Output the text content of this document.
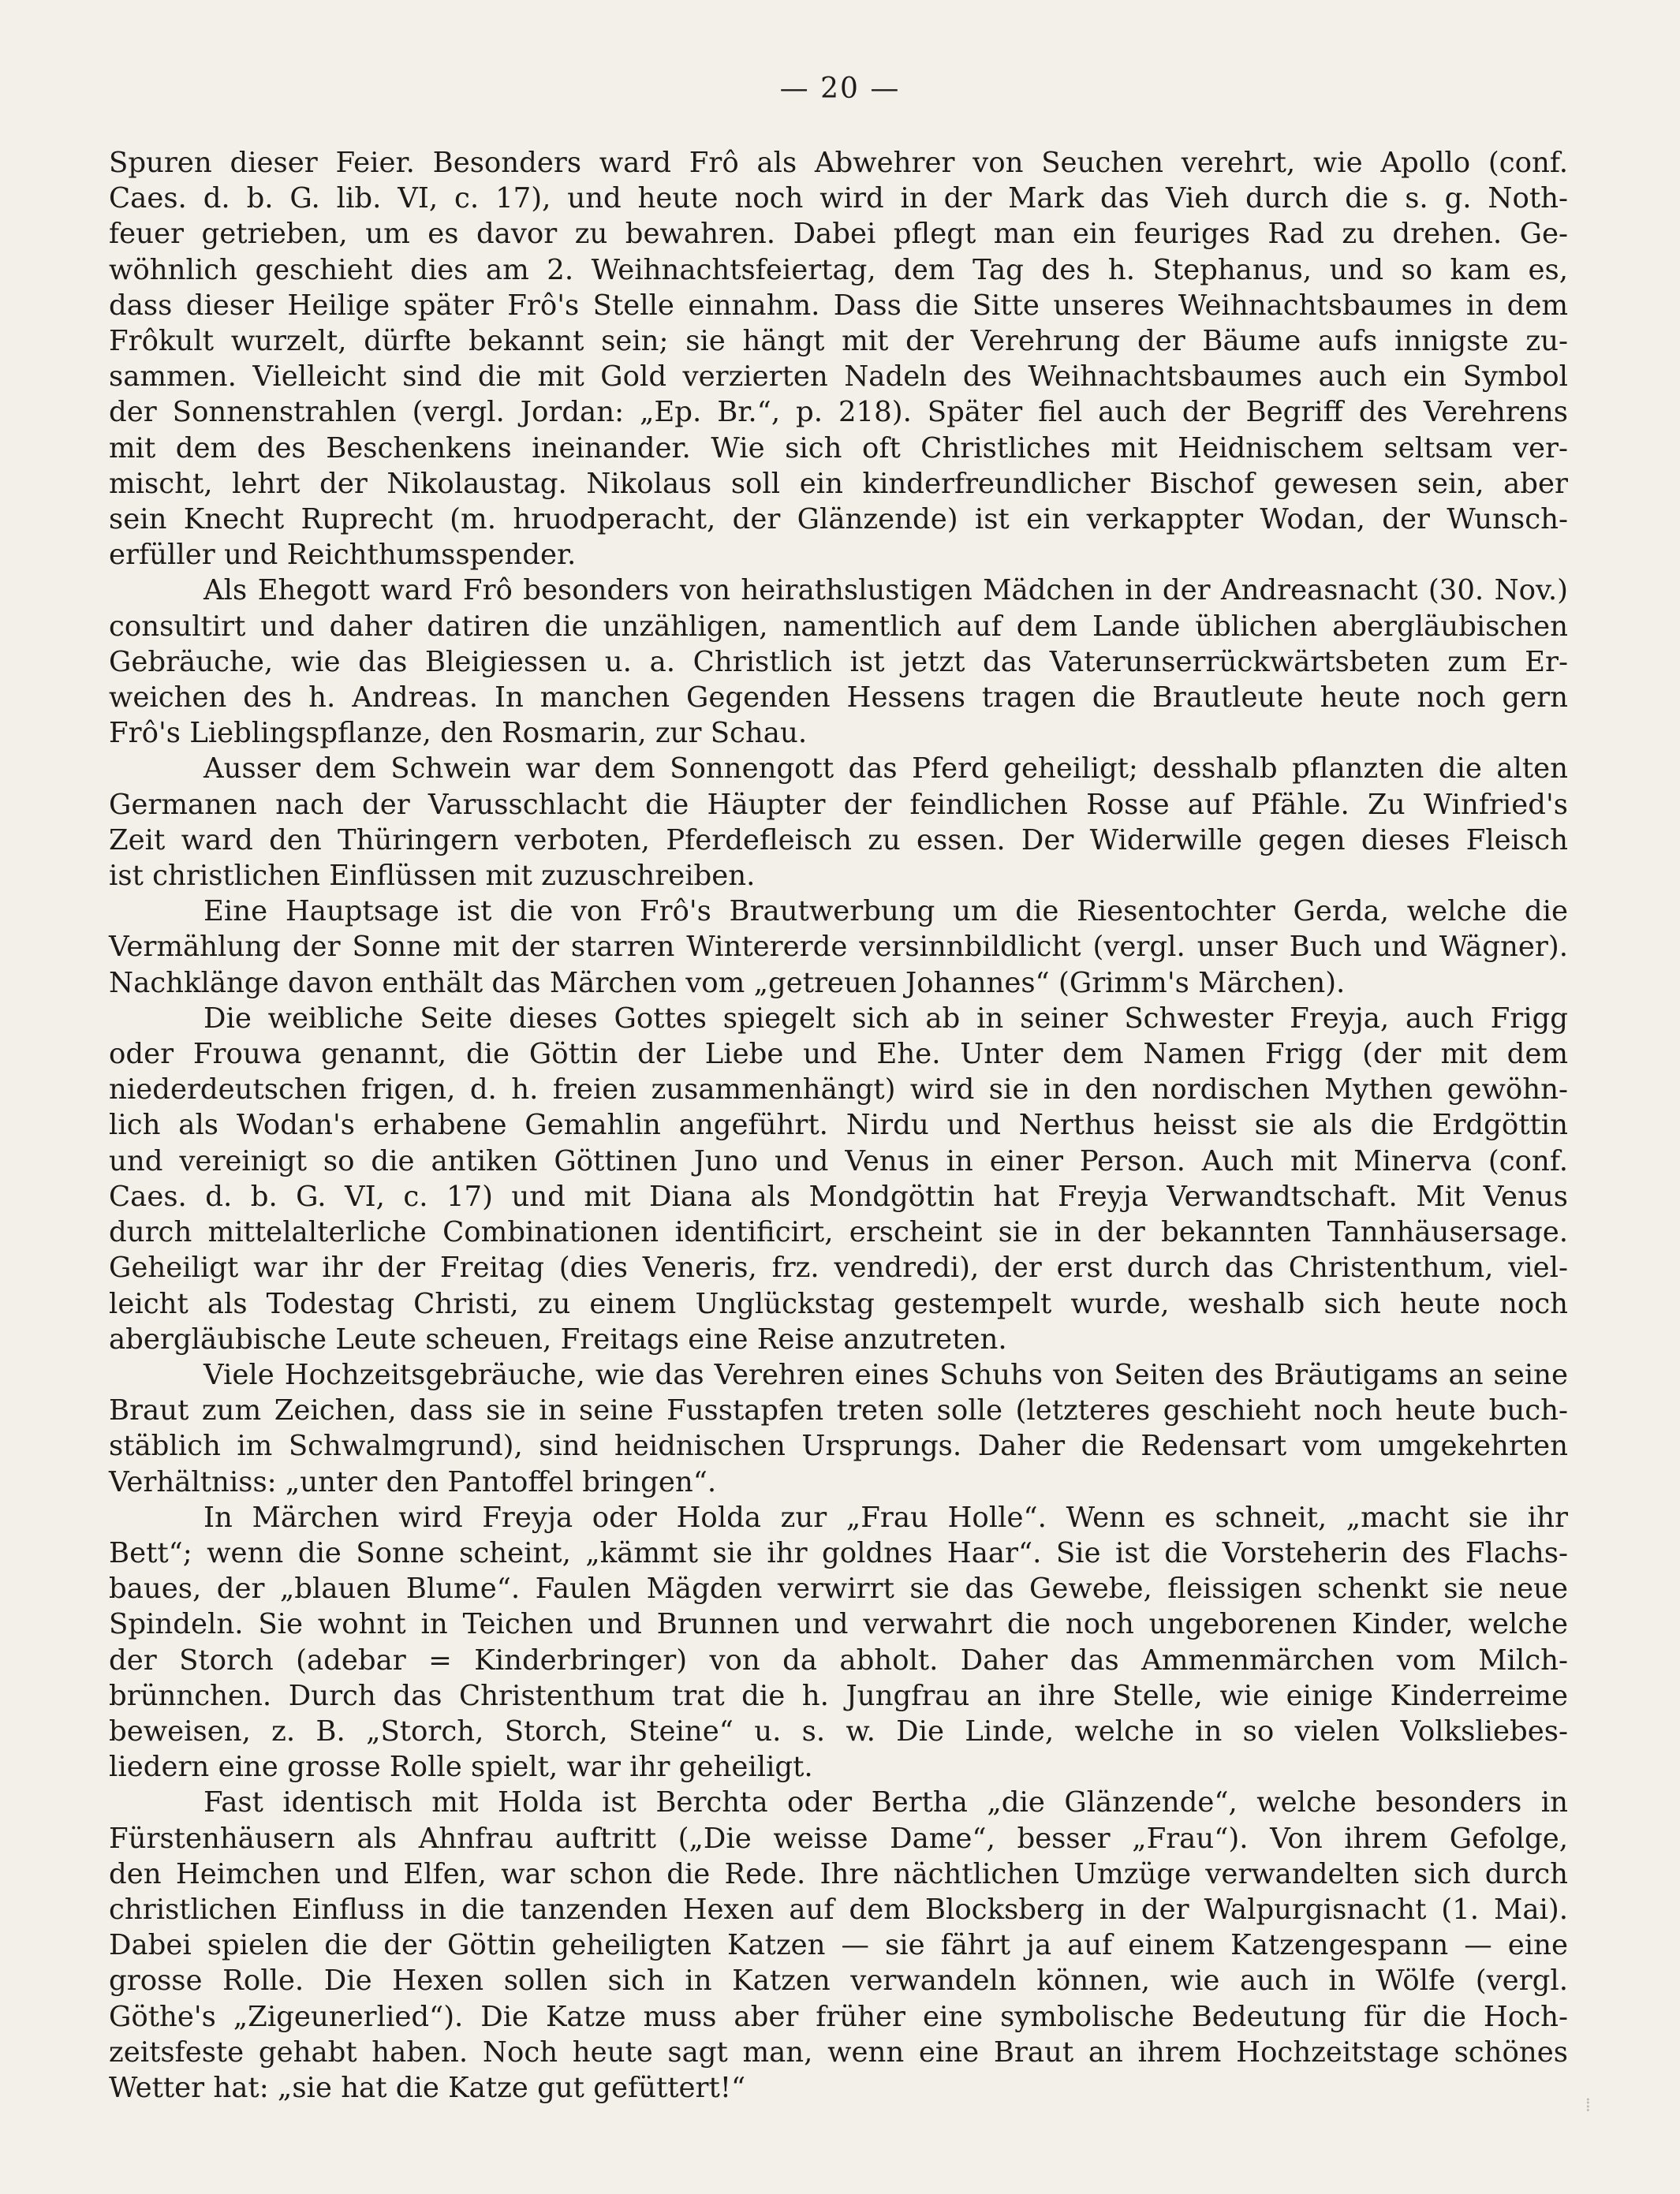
— 20 —

Spuren dieser Feier. Besonders ward Frô als Abwehrer von Seuchen verehrt, wie Apollo (conf.

Caes. d. b. G. lib. VI, c. 17), und heute noch wird in der Mark das Vieh durch die s. g. Noth-

feuer getrieben, um es davor zu bewahren. Dabei pflegt man ein feuriges Rad zu drehen. Ge-

wöhnlich geschieht dies am 2. Weihnachtsfeiertag, dem Tag des h. Stephanus, und so kam es,

dass dieser Heilige später Frô's Stelle einnahm. Dass die Sitte unseres Weihnachtsbaumes in dem

Frôkult wurzelt, dürfte bekannt sein; sie hängt mit der Verehrung der Bäume aufs innigste zu-

sammen. Vielleicht sind die mit Gold verzierten Nadeln des Weihnachtsbaumes auch ein Symbol

der Sonnenstrahlen (vergl. Jordan: „Ep. Br.“, p. 218). Später fiel auch der Begriff des Verehrens

mit dem des Beschenkens ineinander. Wie sich oft Christliches mit Heidnischem seltsam ver-

mischt, lehrt der Nikolaustag. Nikolaus soll ein kinderfreundlicher Bischof gewesen sein, aber

sein Knecht Ruprecht (m. hruodperacht, der Glänzende) ist ein verkappter Wodan, der Wunsch-

erfüller und Reichthumsspender.

Als Ehegott ward Frô besonders von heirathslustigen Mädchen in der Andreasnacht (30. Nov.)

consultirt und daher datiren die unzähligen, namentlich auf dem Lande üblichen abergläubischen

Gebräuche, wie das Bleigiessen u. a. Christlich ist jetzt das Vaterunserrückwärtsbeten zum Er-

weichen des h. Andreas. In manchen Gegenden Hessens tragen die Brautleute heute noch gern

Frô's Lieblingspflanze, den Rosmarin, zur Schau.

Ausser dem Schwein war dem Sonnengott das Pferd geheiligt; desshalb pflanzten die alten

Germanen nach der Varusschlacht die Häupter der feindlichen Rosse auf Pfähle. Zu Winfried's

Zeit ward den Thüringern verboten, Pferdefleisch zu essen. Der Widerwille gegen dieses Fleisch

ist christlichen Einflüssen mit zuzuschreiben.

Eine Hauptsage ist die von Frô's Brautwerbung um die Riesentochter Gerda, welche die

Vermählung der Sonne mit der starren Wintererde versinnbildlicht (vergl. unser Buch und Wägner).

Nachklänge davon enthält das Märchen vom „getreuen Johannes“ (Grimm's Märchen).

Die weibliche Seite dieses Gottes spiegelt sich ab in seiner Schwester Freyja, auch Frigg

oder Frouwa genannt, die Göttin der Liebe und Ehe. Unter dem Namen Frigg (der mit dem

niederdeutschen frigen, d. h. freien zusammenhängt) wird sie in den nordischen Mythen gewöhn-

lich als Wodan's erhabene Gemahlin angeführt. Nirdu und Nerthus heisst sie als die Erdgöttin

und vereinigt so die antiken Göttinen Juno und Venus in einer Person. Auch mit Minerva (conf.

Caes. d. b. G. VI, c. 17) und mit Diana als Mondgöttin hat Freyja Verwandtschaft. Mit Venus

durch mittelalterliche Combinationen identificirt, erscheint sie in der bekannten Tannhäusersage.

Geheiligt war ihr der Freitag (dies Veneris, frz. vendredi), der erst durch das Christenthum, viel-

leicht als Todestag Christi, zu einem Unglückstag gestempelt wurde, weshalb sich heute noch

abergläubische Leute scheuen, Freitags eine Reise anzutreten.

Viele Hochzeitsgebräuche, wie das Verehren eines Schuhs von Seiten des Bräutigams an seine

Braut zum Zeichen, dass sie in seine Fusstapfen treten solle (letzteres geschieht noch heute buch-

stäblich im Schwalmgrund), sind heidnischen Ursprungs. Daher die Redensart vom umgekehrten

Verhältniss: „unter den Pantoffel bringen“.

In Märchen wird Freyja oder Holda zur „Frau Holle“. Wenn es schneit, „macht sie ihr

Bett“; wenn die Sonne scheint, „kämmt sie ihr goldnes Haar“. Sie ist die Vorsteherin des Flachs-

baues, der „blauen Blume“. Faulen Mägden verwirrt sie das Gewebe, fleissigen schenkt sie neue

Spindeln. Sie wohnt in Teichen und Brunnen und verwahrt die noch ungeborenen Kinder, welche

der Storch (adebar = Kinderbringer) von da abholt. Daher das Ammenmärchen vom Milch-

brünnchen. Durch das Christenthum trat die h. Jungfrau an ihre Stelle, wie einige Kinderreime

beweisen, z. B. „Storch, Storch, Steine“ u. s. w. Die Linde, welche in so vielen Volksliebes-

liedern eine grosse Rolle spielt, war ihr geheiligt.

Fast identisch mit Holda ist Berchta oder Bertha „die Glänzende“, welche besonders in

Fürstenhäusern als Ahnfrau auftritt („Die weisse Dame“, besser „Frau“). Von ihrem Gefolge,

den Heimchen und Elfen, war schon die Rede. Ihre nächtlichen Umzüge verwandelten sich durch

christlichen Einfluss in die tanzenden Hexen auf dem Blocksberg in der Walpurgisnacht (1. Mai).

Dabei spielen die der Göttin geheiligten Katzen — sie fährt ja auf einem Katzengespann — eine

grosse Rolle. Die Hexen sollen sich in Katzen verwandeln können, wie auch in Wölfe (vergl.

Göthe's „Zigeunerlied“). Die Katze muss aber früher eine symbolische Bedeutung für die Hoch-

zeitsfeste gehabt haben. Noch heute sagt man, wenn eine Braut an ihrem Hochzeitstage schönes

Wetter hat: „sie hat die Katze gut gefüttert!“

⁞
